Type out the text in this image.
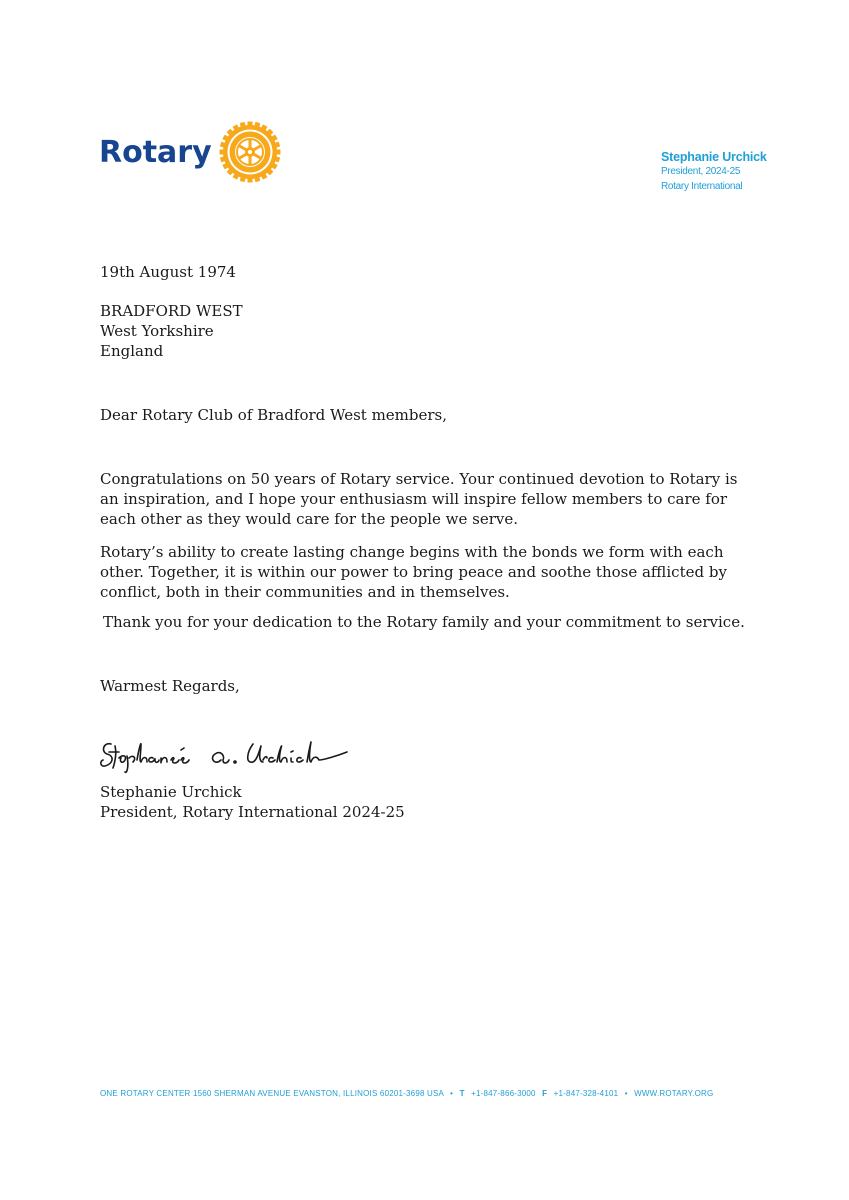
Rotary	Stephanie Urchick
President, 2024-25
Rotary International
19th August 1974
BRADFORD WEST
West Yorkshire
England
Dear Rotary Club of Bradford West members,
Congratulations on 50 years of Rotary service. Your continued devotion to Rotary is an inspiration, and I hope your enthusiasm will inspire fellow members to care for each other as they would care for the people we serve.
Rotary’s ability to create lasting change begins with the bonds we form with each other. Together, it is within our power to bring peace and soothe those afflicted by conflict, both in their communities and in themselves.
Thank you for your dedication to the Rotary family and your commitment to service.
Warmest Regards,
Stephanie Urchick
President, Rotary International 2024-25
ONE ROTARY CENTER 1560 SHERMAN AVENUE EVANSTON, ILLINOIS 60201-3698 USA • T +1-847-866-3000 F +1-847-328-4101 • WWW.ROTARY.ORG
